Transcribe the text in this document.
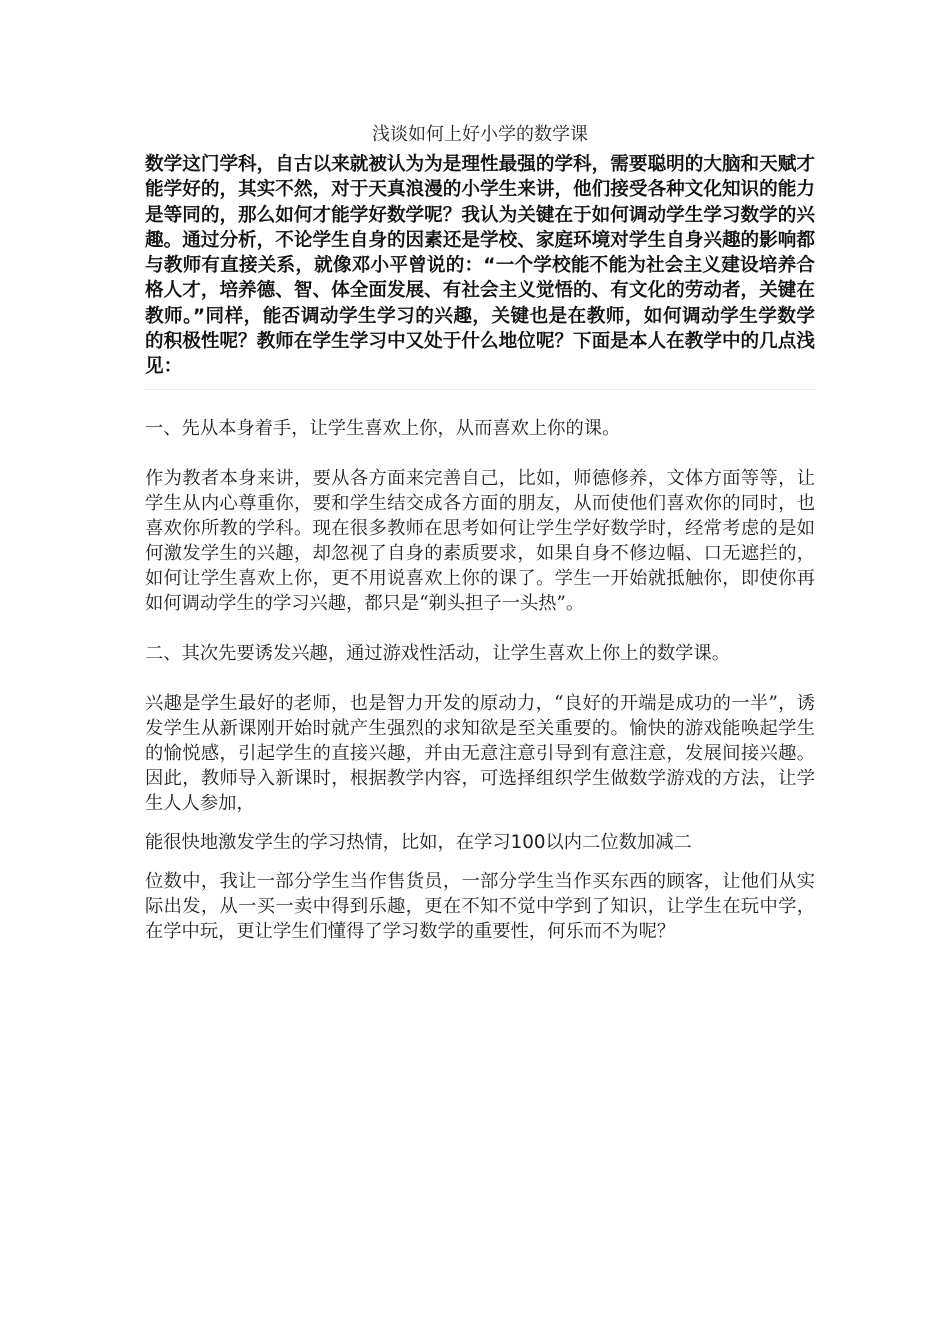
浅谈如何上好小学的数学课

数学这门学科，自古以来就被认为为是理性最强的学科，需要聪明的大脑和天赋才能学好的，其实不然，对于天真浪漫的小学生来讲，他们接受各种文化知识的能力是等同的，那么如何才能学好数学呢？我认为关键在于如何调动学生学习数学的兴趣。通过分析，不论学生自身的因素还是学校、家庭环境对学生自身兴趣的影响都与教师有直接关系，就像邓小平曾说的：“一个学校能不能为社会主义建设培养合格人才，培养德、智、体全面发展、有社会主义觉悟的、有文化的劳动者，关键在教师。”同样，能否调动学生学习的兴趣，关键也是在教师，如何调动学生学数学的积极性呢？教师在学生学习中又处于什么地位呢？下面是本人在教学中的几点浅见：

一、先从本身着手，让学生喜欢上你，从而喜欢上你的课。

作为教者本身来讲，要从各方面来完善自己，比如，师德修养，文体方面等等，让学生从内心尊重你，要和学生结交成各方面的朋友，从而使他们喜欢你的同时，也喜欢你所教的学科。现在很多教师在思考如何让学生学好数学时，经常考虑的是如何激发学生的兴趣，却忽视了自身的素质要求，如果自身不修边幅、口无遮拦的，如何让学生喜欢上你，更不用说喜欢上你的课了。学生一开始就抵触你，即使你再如何调动学生的学习兴趣，都只是“剃头担子一头热”。

二、其次先要诱发兴趣，通过游戏性活动，让学生喜欢上你上的数学课。

兴趣是学生最好的老师，也是智力开发的原动力，“良好的开端是成功的一半”，诱发学生从新课刚开始时就产生强烈的求知欲是至关重要的。愉快的游戏能唤起学生的愉悦感，引起学生的直接兴趣，并由无意注意引导到有意注意，发展间接兴趣。因此，教师导入新课时，根据教学内容，可选择组织学生做数学游戏的方法，让学生人人参加，

能很快地激发学生的学习热情，比如，在学习100以内二位数加减二

位数中，我让一部分学生当作售货员，一部分学生当作买东西的顾客，让他们从实际出发，从一买一卖中得到乐趣，更在不知不觉中学到了知识，让学生在玩中学，在学中玩，更让学生们懂得了学习数学的重要性，何乐而不为呢？
